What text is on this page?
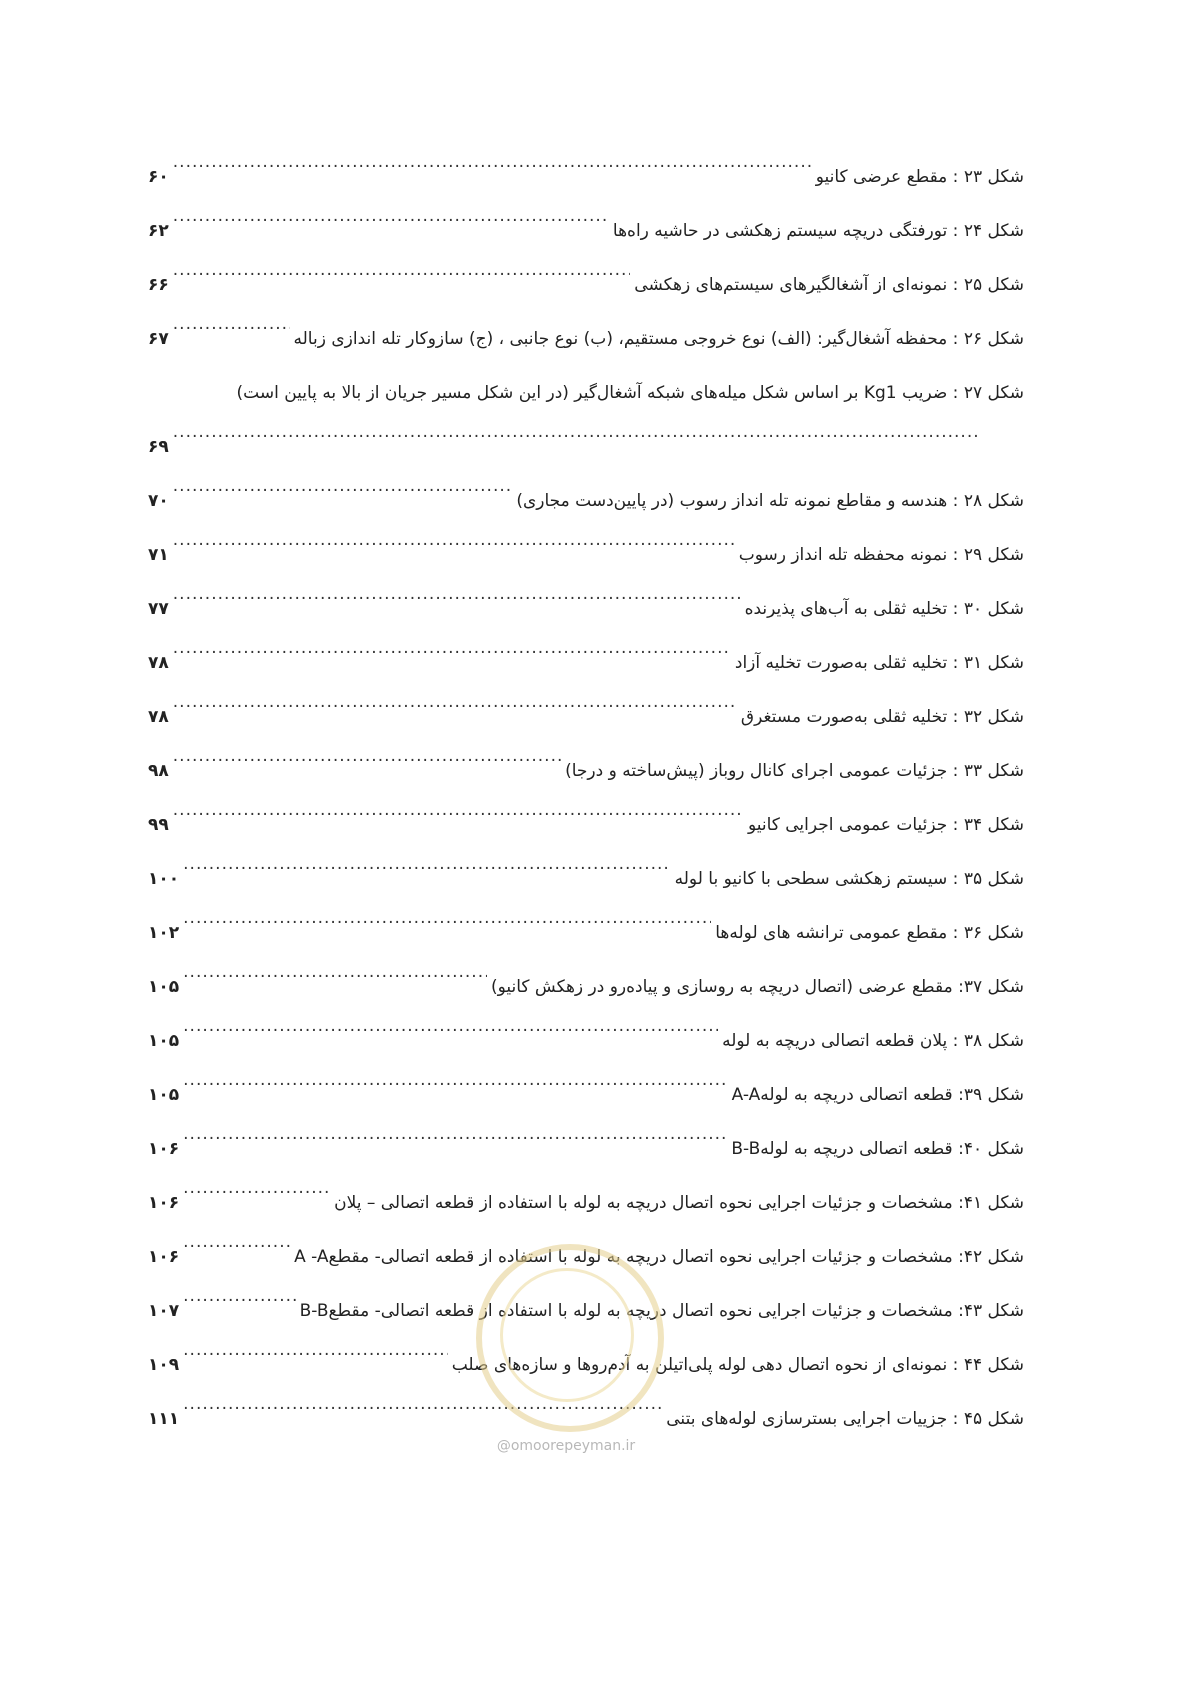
شکل ۲۳ : مقطع عرضی کانیو
.....
۶۰
شکل ۲۴ : تورفتگی دریچه سیستم زهکشی در حاشیه راه‌ها
.....
۶۲
شکل ۲۵ : نمونه‌ای از آشغالگیرهای سیستم‌های زهکشی
.....
۶۶
شکل ۲۶ : محفظه آشغال‌گیر: (الف) نوع خروجی مستقیم، (ب) نوع جانبی ، (ج) سازوکار تله اندازی زباله
.....
۶۷
شکل ۲۷ : ضریب Kg1 بر اساس شکل میله‌های شبکه آشغال‌گیر (در این شکل مسیر جریان از بالا به پایین است)
.....
۶۹
شکل ۲۸ : هندسه و مقاطع نمونه تله انداز رسوب (در پایین‌دست مجاری)
.....
۷۰
شکل ۲۹ : نمونه محفظه تله انداز رسوب
.....
۷۱
شکل ۳۰ : تخلیه ثقلی به آب‌های پذیرنده
.....
۷۷
شکل ۳۱ : تخلیه ثقلی به‌صورت تخلیه آزاد
.....
۷۸
شکل ۳۲ : تخلیه ثقلی به‌صورت مستغرق
.....
۷۸
شکل ۳۳ : جزئیات عمومی اجرای کانال روباز (پیش‌ساخته و درجا)
.....
۹۸
شکل ۳۴ : جزئیات عمومی اجرایی کانیو
.....
۹۹
شکل ۳۵ : سیستم زهکشی سطحی با کانیو با لوله
.....
۱۰۰
شکل ۳۶ : مقطع عمومی ترانشه های لوله‌ها
.....
۱۰۲
شکل ۳۷: مقطع عرضی (اتصال دریچه به روسازی و پیاده‌رو در زهکش کانیو)
.....
۱۰۵
شکل ۳۸ : پلان قطعه اتصالی دریچه به لوله
.....
۱۰۵
شکل ۳۹: قطعه اتصالی دریچه به لولهA-A
.....
۱۰۵
شکل ۴۰: قطعه اتصالی دریچه به لولهB-B
.....
۱۰۶
شکل ۴۱: مشخصات و جزئیات اجرایی نحوه اتصال دریچه به لوله با استفاده از قطعه اتصالی – پلان
.....
۱۰۶
شکل ۴۲: مشخصات و جزئیات اجرایی نحوه اتصال دریچه به لوله با استفاده از قطعه اتصالی- مقطعA -A
.....
۱۰۶
شکل ۴۳: مشخصات و جزئیات اجرایی نحوه اتصال دریچه به لوله با استفاده از قطعه اتصالی- مقطعB-B
.....
۱۰۷
شکل ۴۴ : نمونه‌ای از نحوه اتصال دهی لوله پلی‌اتیلن به آدم‌روها و سازه‌های صلب
.....
۱۰۹
شکل ۴۵ : جزییات اجرایی بسترسازی لوله‌های بتنی
.....
۱۱۱
@omoorepeyman.ir
